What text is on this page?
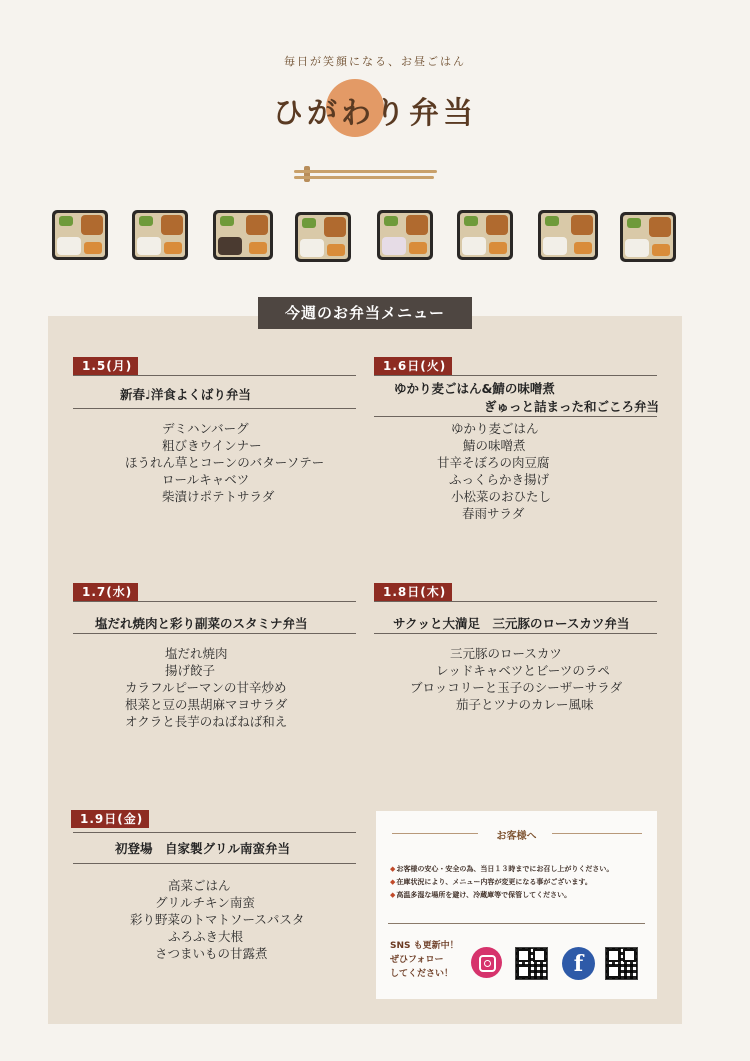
毎日が笑顔になる、お昼ごはん
ひがわり弁当
今週のお弁当メニュー
1.5(月)
新春♩洋食よくばり弁当
デミハンバーグ
粗びきウインナー
ほうれん草とコーンのバターソテー
ロールキャベツ
柴漬けポテトサラダ
1.6日(火)
ゆかり麦ごはん&鯖の味噌煮
ぎゅっと詰まった和ごころ弁当
ゆかり麦ごはん
鯖の味噌煮
甘辛そぼろの肉豆腐
ふっくらかき揚げ
小松菜のおひたし
春雨サラダ
1.7(水)
塩だれ焼肉と彩り副菜のスタミナ弁当
塩だれ焼肉
揚げ餃子
カラフルピーマンの甘辛炒め
根菜と豆の黒胡麻マヨサラダ
オクラと長芋のねばねば和え
1.8日(木)
サクッと大満足　三元豚のロースカツ弁当
三元豚のロースカツ
レッドキャベツとビーツのラペ
ブロッコリーと玉子のシーザーサラダ
茄子とツナのカレー風味
1.9日(金)
初登場　自家製グリル南蛮弁当
高菜ごはん
グリルチキン南蛮
彩り野菜のトマトソースパスタ
ふろふき大根
さつまいもの甘露煮
お客様へ
◆ お客様の安心・安全の為、当日１３時までにお召し上がりください。
◆ 在庫状況により、メニュー内容が変更になる事がございます。
◆ 高温多湿な場所を避け、冷蔵庫等で保管してください。
SNS も更新中！
ぜひフォロー
してください！	f
